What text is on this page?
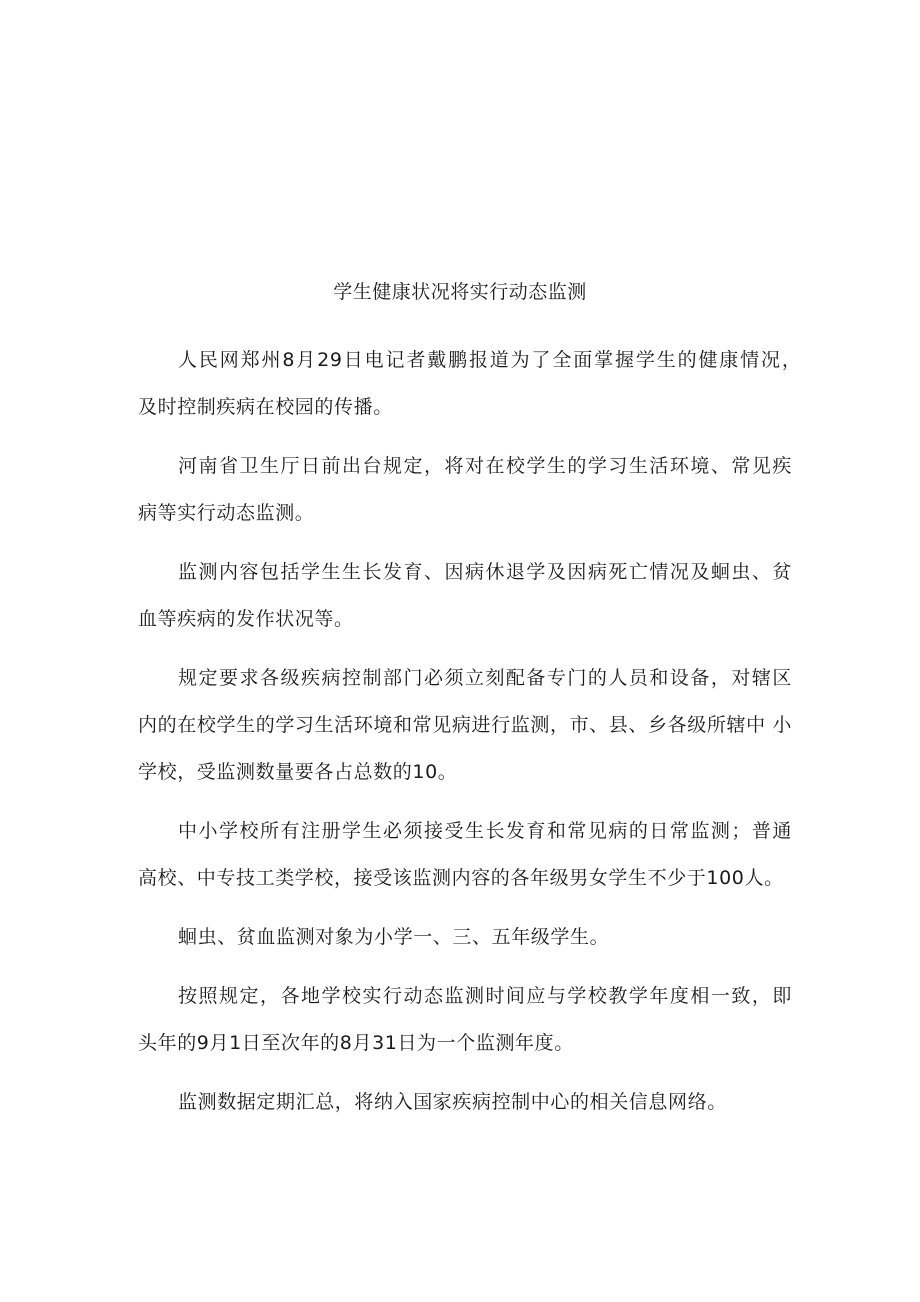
学生健康状况将实行动态监测

人民网郑州8月29日电记者戴鹏报道为了全面掌握学生的健康情况，　及时控制疾病在校园的传播。

河南省卫生厅日前出台规定，将对在校学生的学习生活环境、常见疾 病等实行动态监测。

监测内容包括学生生长发育、因病休退学及因病死亡情况及蛔虫、贫 血等疾病的发作状况等。

规定要求各级疾病控制部门必须立刻配备专门的人员和设备，对辖区 内的在校学生的学习生活环境和常见病进行监测，市、县、乡各级所辖中 小学校，受监测数量要各占总数的10。

中小学校所有注册学生必须接受生长发育和常见病的日常监测；普通 高校、中专技工类学校，接受该监测内容的各年级男女学生不少于100人。

蛔虫、贫血监测对象为小学一、三、五年级学生。

按照规定，各地学校实行动态监测时间应与学校教学年度相一致，即 头年的9月1日至次年的8月31日为一个监测年度。

监测数据定期汇总，将纳入国家疾病控制中心的相关信息网络。
